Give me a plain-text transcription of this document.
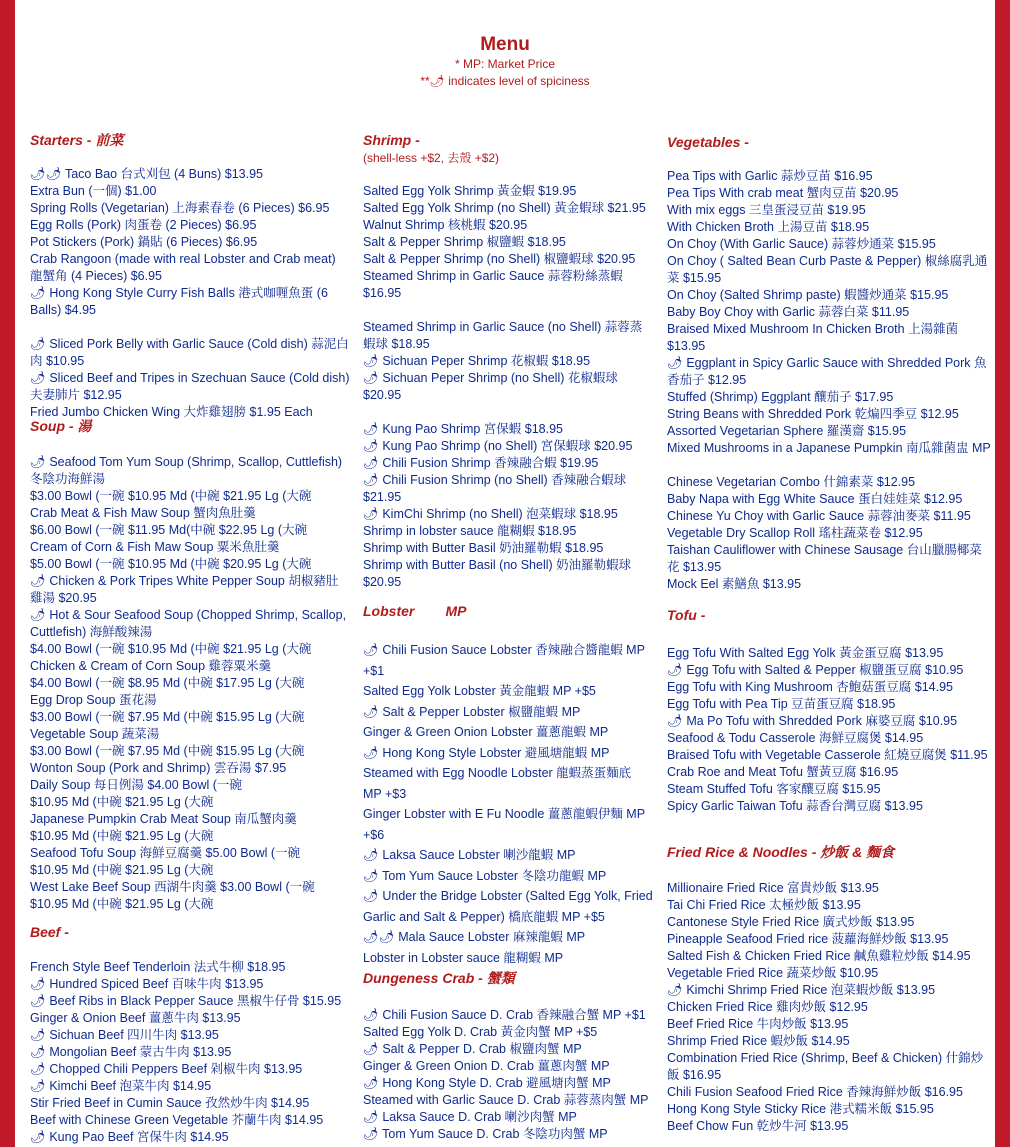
Menu
* MP: Market Price
**🌶 indicates level of spiciness
Starters - 前菜
🌶🌶 Taco Bao 台式刈包 (4 Buns) $13.95
Extra Bun (一個) $1.00
Spring Rolls (Vegetarian) 上海素春卷 (6 Pieces) $6.95
Egg Rolls (Pork) 肉蛋卷 (2 Pieces) $6.95
Pot Stickers (Pork) 鍋貼 (6 Pieces) $6.95
Crab Rangoon (made with real Lobster and Crab meat) 龍蟹角 (4 Pieces) $6.95
🌶 Hong Kong Style Curry Fish Balls 港式咖喱魚蛋 (6 Balls) $4.95
🌶 Sliced Pork Belly with Garlic Sauce (Cold dish) 蒜泥白肉 $10.95
🌶 Sliced Beef and Tripes in Szechuan Sauce (Cold dish) 夫妻肺片 $12.95
Fried Jumbo Chicken Wing 大炸雞翅膀 $1.95 Each
Soup - 湯
🌶 Seafood Tom Yum Soup (Shrimp, Scallop, Cuttlefish) 冬陰功海鮮湯
$3.00 Bowl (一碗 $10.95 Md (中碗 $21.95 Lg (大碗
Crab Meat & Fish Maw Soup 蟹肉魚肚羹
$6.00 Bowl (一碗 $11.95 Md(中碗 $22.95 Lg (大碗
Cream of Corn & Fish Maw Soup 粟米魚肚羹
$5.00 Bowl (一碗 $10.95 Md (中碗 $20.95 Lg (大碗
🌶 Chicken & Pork Tripes White Pepper Soup 胡椒豬肚雞湯 $20.95
🌶 Hot & Sour Seafood Soup (Chopped Shrimp, Scallop, Cuttlefish) 海鮮酸辣湯
$4.00 Bowl (一碗 $10.95 Md (中碗 $21.95 Lg (大碗
Chicken & Cream of Corn Soup 雞蓉粟米羹
$4.00 Bowl (一碗 $8.95 Md (中碗 $17.95 Lg (大碗
Egg Drop Soup 蛋花湯
$3.00 Bowl (一碗 $7.95 Md (中碗 $15.95 Lg (大碗
Vegetable Soup 蔬菜湯
$3.00 Bowl (一碗 $7.95 Md (中碗 $15.95 Lg (大碗
Wonton Soup (Pork and Shrimp) 雲吞湯 $7.95
Daily Soup 每日例湯 $4.00 Bowl (一碗
$10.95 Md (中碗 $21.95 Lg (大碗
Japanese Pumpkin Crab Meat Soup 南瓜蟹肉羹
$10.95 Md (中碗 $21.95 Lg (大碗
Seafood Tofu Soup 海鮮豆腐羹 $5.00 Bowl (一碗
$10.95 Md (中碗 $21.95 Lg (大碗
West Lake Beef Soup 西湖牛肉羹 $3.00 Bowl (一碗
$10.95 Md (中碗 $21.95 Lg (大碗
Beef -
French Style Beef Tenderloin 法式牛柳 $18.95
🌶 Hundred Spiced Beef 百味牛肉 $13.95
🌶 Beef Ribs in Black Pepper Sauce 黑椒牛仔骨 $15.95
Ginger & Onion Beef 薑蔥牛肉 $13.95
🌶 Sichuan Beef 四川牛肉 $13.95
🌶 Mongolian Beef 蒙古牛肉 $13.95
🌶 Chopped Chili Peppers Beef 剁椒牛肉 $13.95
🌶 Kimchi Beef 泡菜牛肉 $14.95
Stir Fried Beef in Cumin Sauce 孜然炒牛肉 $14.95
Beef with Chinese Green Vegetable 芥蘭牛肉 $14.95
🌶 Kung Pao Beef 宮保牛肉 $14.95
Shrimp -
(shell-less +$2, 去殼 +$2)
Salted Egg Yolk Shrimp 黃金蝦 $19.95
Salted Egg Yolk Shrimp (no Shell) 黃金蝦球 $21.95
Walnut Shrimp 核桃蝦 $20.95
Salt & Pepper Shrimp 椒鹽蝦 $18.95
Salt & Pepper Shrimp (no Shell) 椒鹽蝦球 $20.95
Steamed Shrimp in Garlic Sauce 蒜蓉粉絲蒸蝦 $16.95
Steamed Shrimp in Garlic Sauce (no Shell) 蒜蓉蒸蝦球 $18.95
🌶 Sichuan Peper Shrimp 花椒蝦 $18.95
🌶 Sichuan Peper Shrimp (no Shell) 花椒蝦球 $20.95
🌶 Kung Pao Shrimp 宮保蝦 $18.95
🌶 Kung Pao Shrimp (no Shell) 宮保蝦球 $20.95
🌶 Chili Fusion Shrimp 香辣融合蝦 $19.95
🌶 Chili Fusion Shrimp (no Shell) 香辣融合蝦球 $21.95
🌶 KimChi Shrimp (no Shell) 泡菜蝦球 $18.95
Shrimp in lobster sauce 龍糊蝦 $18.95
Shrimp with Butter Basil 奶油羅勒蝦 $18.95
Shrimp with Butter Basil (no Shell) 奶油羅勒蝦球 $20.95
Lobster        MP
🌶 Chili Fusion Sauce Lobster 香辣融合醬龍蝦 MP +$1
Salted Egg Yolk Lobster 黃金龍蝦 MP +$5
🌶 Salt & Pepper Lobster 椒鹽龍蝦 MP
Ginger & Green Onion Lobster 薑蔥龍蝦 MP
🌶 Hong Kong Style Lobster 避風塘龍蝦 MP
Steamed with Egg Noodle Lobster 龍蝦蒸蛋麵底 MP +$3
Ginger Lobster with E Fu Noodle 薑蔥龍蝦伊麵 MP +$6
🌶 Laksa Sauce Lobster 喇沙龍蝦 MP
🌶 Tom Yum Sauce Lobster 冬陰功龍蝦 MP
🌶 Under the Bridge Lobster (Salted Egg Yolk, Fried Garlic and Salt & Pepper) 橋底龍蝦 MP +$5
🌶🌶 Mala Sauce Lobster 麻辣龍蝦 MP
Lobster in Lobster sauce 龍糊蝦 MP
Dungeness Crab - 蟹類
🌶 Chili Fusion Sauce D. Crab 香辣融合蟹 MP +$1
Salted Egg Yolk D. Crab 黃金肉蟹 MP +$5
🌶 Salt & Pepper D. Crab 椒鹽肉蟹 MP
Ginger & Green Onion D. Crab 薑蔥肉蟹 MP
🌶 Hong Kong Style D. Crab 避風塘肉蟹 MP
Steamed with Garlic Sauce D. Crab 蒜蓉蒸肉蟹 MP
🌶 Laksa Sauce D. Crab 喇沙肉蟹 MP
🌶 Tom Yum Sauce D. Crab 冬陰功肉蟹 MP
Vegetables -
Pea Tips with Garlic 蒜炒豆苗 $16.95
Pea Tips With crab meat 蟹肉豆苗 $20.95
With mix eggs 三皇蛋浸豆苗 $19.95
With Chicken Broth 上湯豆苗 $18.95
On Choy (With Garlic Sauce) 蒜蓉炒通菜 $15.95
On Choy ( Salted Bean Curb Paste & Pepper) 椒絲腐乳通菜 $15.95
On Choy (Salted Shrimp paste) 蝦醬炒通菜 $15.95
Baby Boy Choy with Garlic 蒜蓉白菜 $11.95
Braised Mixed Mushroom In Chicken Broth 上湯雜菌 $13.95
🌶 Eggplant in Spicy Garlic Sauce with Shredded Pork 魚香茄子 $12.95
Stuffed (Shrimp) Eggplant 釀茄子 $17.95
String Beans with Shredded Pork 乾煸四季豆 $12.95
Assorted Vegetarian Sphere 羅漢齋 $15.95
Mixed Mushrooms in a Japanese Pumpkin 南瓜雜菌盅 MP
Chinese Vegetarian Combo 什錦素菜 $12.95
Baby Napa with Egg White Sauce 蛋白娃娃菜 $12.95
Chinese Yu Choy with Garlic Sauce 蒜蓉油麥菜 $11.95
Vegetable Dry Scallop Roll 瑤柱蔬菜卷 $12.95
Taishan Cauliflower with Chinese Sausage 台山臘腸椰菜花 $13.95
Mock Eel 素鱔魚 $13.95
Tofu -
Egg Tofu With Salted Egg Yolk 黃金蛋豆腐 $13.95
🌶 Egg Tofu with Salted & Pepper 椒鹽蛋豆腐 $10.95
Egg Tofu with King Mushroom 杏鮑菇蛋豆腐 $14.95
Egg Tofu with Pea Tip 豆苗蛋豆腐 $18.95
🌶 Ma Po Tofu with Shredded Pork 麻婆豆腐 $10.95
Seafood & Todu Casserole 海鮮豆腐煲 $14.95
Braised Tofu with Vegetable Casserole 紅燒豆腐煲 $11.95
Crab Roe and Meat Tofu 蟹黃豆腐 $16.95
Steam Stuffed Tofu 客家釀豆腐 $15.95
Spicy Garlic Taiwan Tofu 蒜香台灣豆腐 $13.95
Fried Rice & Noodles - 炒飯 & 麵食
Millionaire Fried Rice 富貴炒飯 $13.95
Tai Chi Fried Rice 太極炒飯 $13.95
Cantonese Style Fried Rice 廣式炒飯 $13.95
Pineapple Seafood Fried rice 菠蘿海鮮炒飯 $13.95
Salted Fish & Chicken Fried Rice 鹹魚雞粒炒飯 $14.95
Vegetable Fried Rice 蔬菜炒飯 $10.95
🌶 Kimchi Shrimp Fried Rice 泡菜蝦炒飯 $13.95
Chicken Fried Rice 雞肉炒飯 $12.95
Beef Fried Rice 牛肉炒飯 $13.95
Shrimp Fried Rice 蝦炒飯 $14.95
Combination Fried Rice (Shrimp, Beef & Chicken) 什錦炒飯 $16.95
Chili Fusion Seafood Fried Rice 香辣海鮮炒飯 $16.95
Hong Kong Style Sticky Rice 港式糯米飯 $15.95
Beef Chow Fun 乾炒牛河 $13.95
